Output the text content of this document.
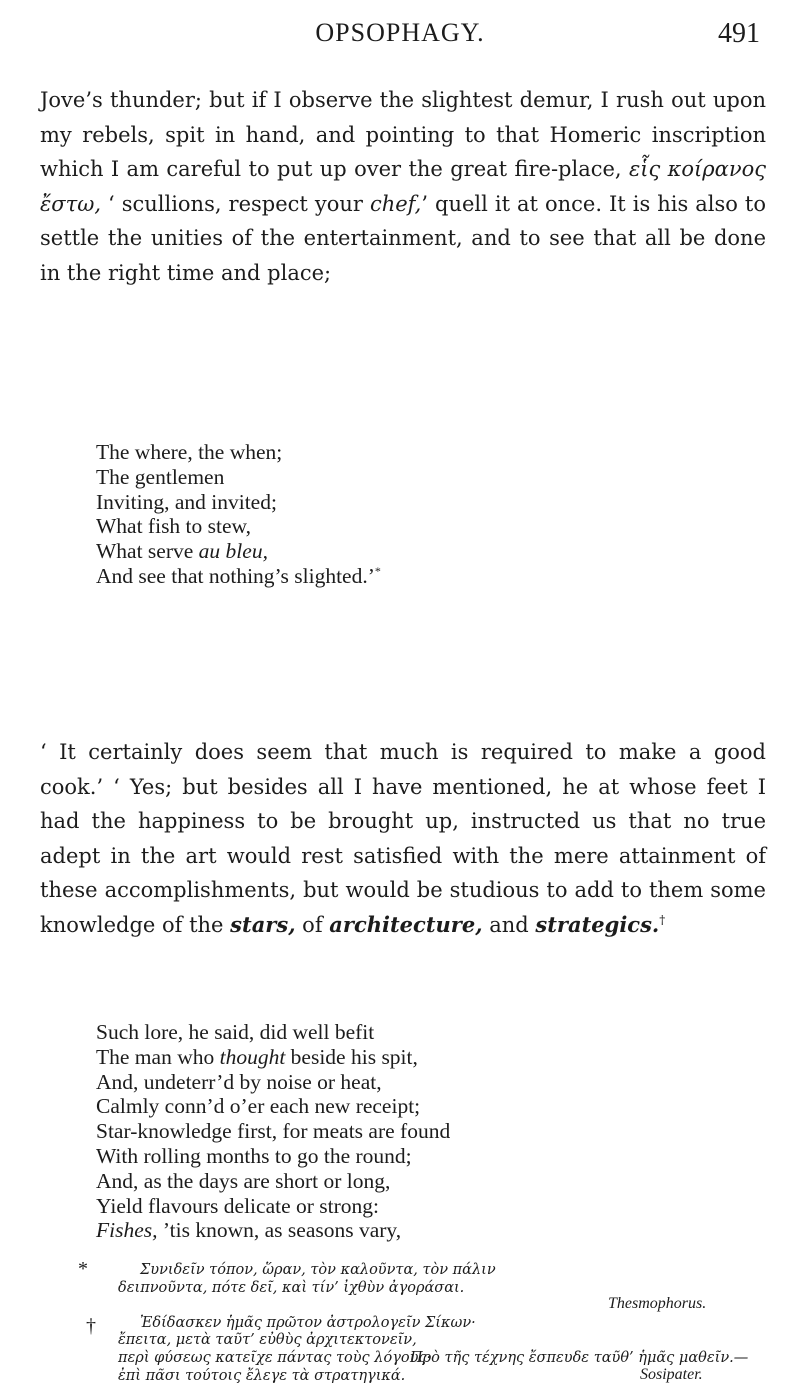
OPSOPHAGY.	491

Jove’s thunder; but if I observe the slightest demur, I rush out upon my rebels, spit in hand, and pointing to that Homeric inscription which I am careful to put up over the great fire-place, εἷς κοίρανος ἔστω, ‘ scullions, respect your chef,’ quell it at once. It is his also to settle the unities of the entertainment, and to see that all be done in the right time and place;

The where, the when;
The gentlemen
Inviting, and invited;
What fish to stew,
What serve au bleu,
And see that nothing’s slighted.’*

‘ It certainly does seem that much is required to make a good cook.’ ‘ Yes; but besides all I have mentioned, he at whose feet I had the happiness to be brought up, instructed us that no true adept in the art would rest satisfied with the mere attainment of these accomplishments, but would be studious to add to them some knowledge of the stars, of architecture, and strategics.†

Such lore, he said, did well befit
The man who thought beside his spit,
And, undeterr’d by noise or heat,
Calmly conn’d o’er each new receipt;
Star-knowledge first, for meats are found
With rolling months to go the round;
And, as the days are short or long,
Yield flavours delicate or strong:
Fishes, ’tis known, as seasons vary,
*	Συνιδεῖν τόπον, ὥραν, τὸν καλοῦντα, τὸν πάλιν
δειπνοῦντα, πότε δεῖ, καὶ τίν’ ἰχθὺν ἀγοράσαι.
Thesmophorus.
†	Ἐδίδασκεν ἡμᾶς πρῶτον ἀστρολογεῖν Σίκων·
ἔπειτα, μετὰ ταῦτ’ εὐθὺς ἀρχιτεκτονεῖν,
περὶ φύσεως κατεῖχε πάντας τοὺς λόγους·
ἐπὶ πᾶσι τούτοις ἔλεγε τὰ στρατηγικά.
Πρὸ τῆς τέχνης ἔσπευδε ταῦθ’ ἡμᾶς μαθεῖν.—
Sosipater.
